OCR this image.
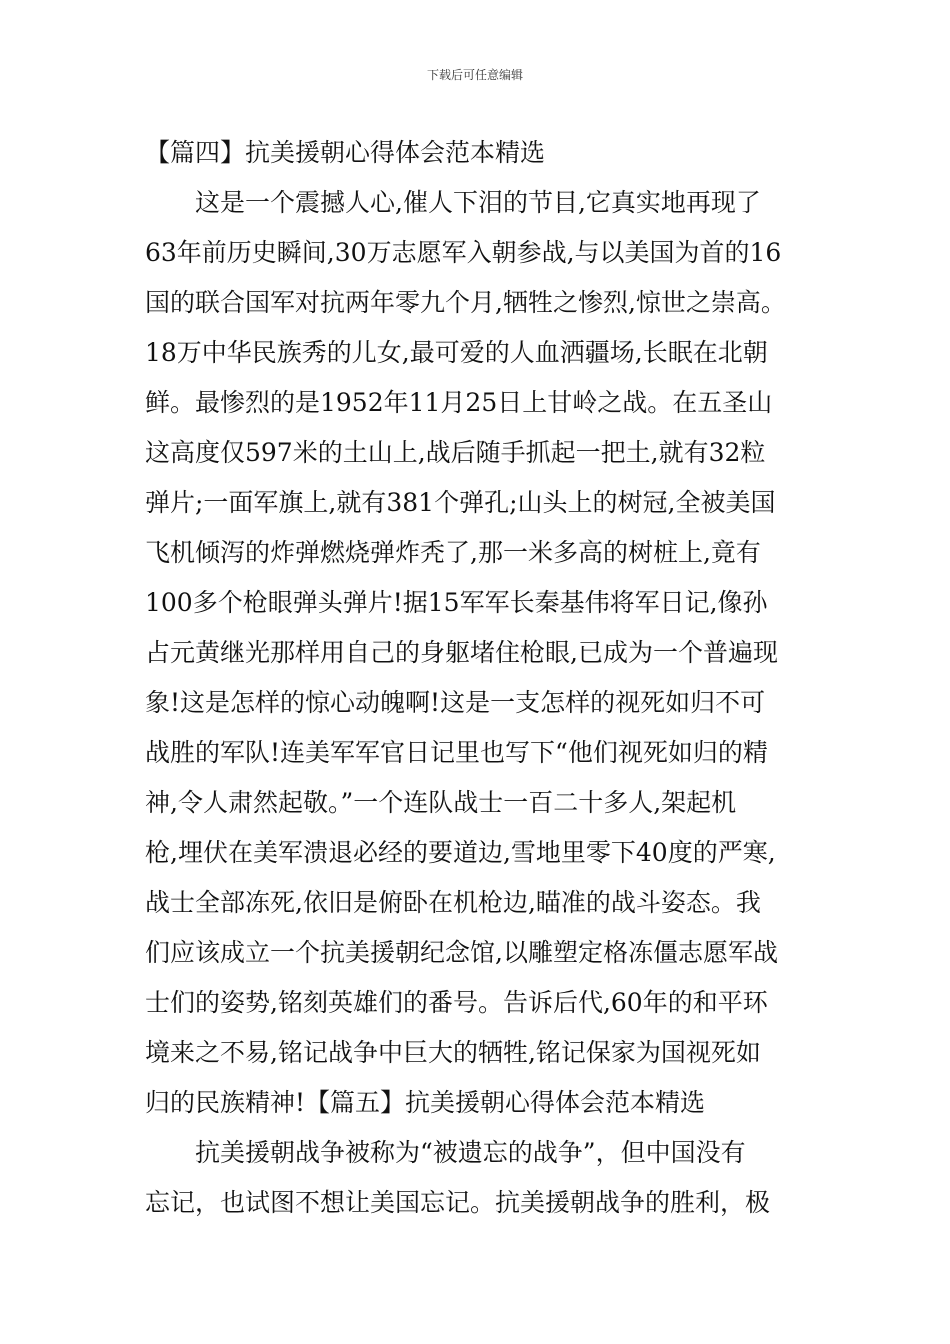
下载后可任意编辑
【篇四】抗美援朝心得体会范本精选
这是一个震撼人心,催人下泪的节目,它真实地再现了
63年前历史瞬间,30万志愿军入朝参战,与以美国为首的16
国的联合国军对抗两年零九个月,牺牲之惨烈,惊世之崇高。
18万中华民族秀的儿女,最可爱的人血洒疆场,长眠在北朝
鲜。最惨烈的是1952年11月25日上甘岭之战。在五圣山
这高度仅597米的土山上,战后随手抓起一把土,就有32粒
弹片;一面军旗上,就有381个弹孔;山头上的树冠,全被美国
飞机倾泻的炸弹燃烧弹炸秃了,那一米多高的树桩上,竟有
100多个枪眼弹头弹片!据15军军长秦基伟将军日记,像孙
占元黄继光那样用自己的身躯堵住枪眼,已成为一个普遍现
象!这是怎样的惊心动魄啊!这是一支怎样的视死如归不可
战胜的军队!连美军军官日记里也写下“他们视死如归的精
神,令人肃然起敬。”一个连队战士一百二十多人,架起机
枪,埋伏在美军溃退必经的要道边,雪地里零下40度的严寒,
战士全部冻死,依旧是俯卧在机枪边,瞄准的战斗姿态。我
们应该成立一个抗美援朝纪念馆,以雕塑定格冻僵志愿军战
士们的姿势,铭刻英雄们的番号。告诉后代,60年的和平环
境来之不易,铭记战争中巨大的牺牲,铭记保家为国视死如
归的民族精神!【篇五】抗美援朝心得体会范本精选
抗美援朝战争被称为“被遗忘的战争”，但中国没有
忘记，也试图不想让美国忘记。抗美援朝战争的胜利，极
